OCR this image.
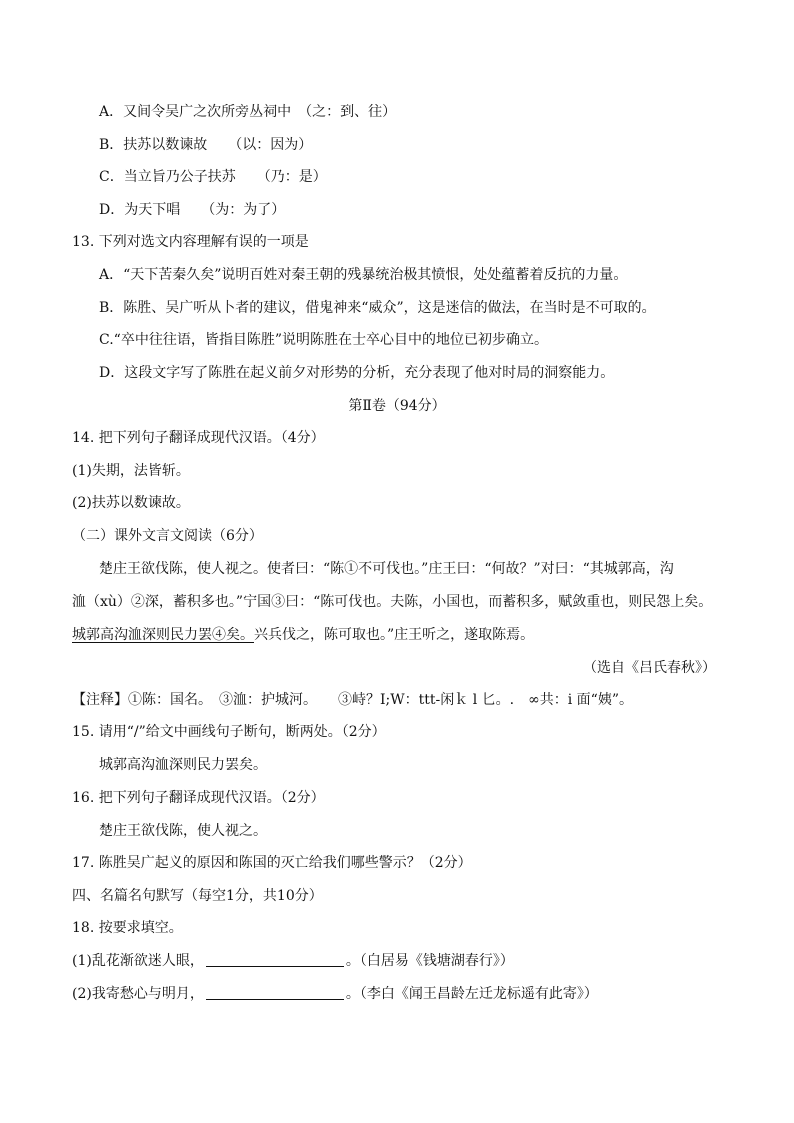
A．又间令吴广之次所旁丛祠中　（之：到、往）
B．扶苏以数谏故　　（以：因为）
C．当立旨乃公子扶苏　　（乃：是）
D．为天下唱　　（为：为了）
13. 下列对选文内容理解有误的一项是
A．“天下苦秦久矣”说明百姓对秦王朝的残暴统治极其愤恨，处处蕴蓄着反抗的力量。
B．陈胜、吴广听从卜者的建议，借鬼神来“威众”，这是迷信的做法，在当时是不可取的。
C.“卒中往往语，皆指目陈胜”说明陈胜在士卒心目中的地位已初步确立。
D．这段文字写了陈胜在起义前夕对形势的分析，充分表现了他对时局的洞察能力。
第Ⅱ卷（94分）
14. 把下列句子翻译成现代汉语。（4分）
(1)失期，法皆斩。
(2)扶苏以数谏故。
（二）课外文言文阅读（6分）
楚庄王欲伐陈，使人视之。使者曰：“陈①不可伐也。”庄王曰：“何故？”对曰：“其城郭高，沟
洫（xù）②深，蓄积多也。”宁国③曰：“陈可伐也。夫陈，小国也，而蓄积多，赋敛重也，则民怨上矣。
城郭高沟洫深则民力罢④矣。兴兵伐之，陈可取也。”庄王听之，遂取陈焉。
（选自《吕氏春秋》）
【注释】①陈：国名。　③洫：护城河。　　③峙？I;W：ttt-闲ｋ l 匕。.　∞共：i 面“姨”。
15. 请用“/”给文中画线句子断句，断两处。（2分）
城郭高沟洫深则民力罢矣。
16. 把下列句子翻译成现代汉语。（2分）
楚庄王欲伐陈，使人视之。
17. 陈胜吴广起义的原因和陈国的灭亡给我们哪些警示？（2分）
四、名篇名句默写（每空1分，共10分）
18. 按要求填空。
(1)乱花渐欲迷人眼，	。（白居易《钱塘湖春行》）
(2)我寄愁心与明月，	。（李白《闻王昌龄左迁龙标遥有此寄》）
